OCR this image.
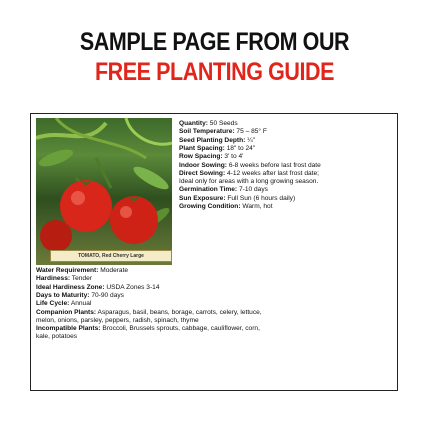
SAMPLE PAGE FROM OUR
FREE PLANTING GUIDE
TOMATO, Red Cherry Large
Quantity: 50 Seeds
Soil Temperature: 75 – 85° F
Seed Planting Depth: ¼"
Plant Spacing: 18" to 24"
Row Spacing: 3' to 4'
Indoor Sowing: 6-8 weeks before last frost date
Direct Sowing: 4-12 weeks after last frost date;
Ideal only for areas with a long growing season.
Germination Time: 7-10 days
Sun Exposure: Full Sun (6 hours daily)
Growing Condition: Warm, hot
Water Requirement: Moderate
Hardiness: Tender
Ideal Hardiness Zone: USDA Zones 3-14
Days to Maturity: 70-90 days
Life Cycle: Annual
Companion Plants: Asparagus, basil, beans, borage, carrots, celery, lettuce,
melon, onions, parsley, peppers, radish, spinach, thyme
Incompatible Plants: Broccoli, Brussels sprouts, cabbage, cauliflower, corn,
kale, potatoes
